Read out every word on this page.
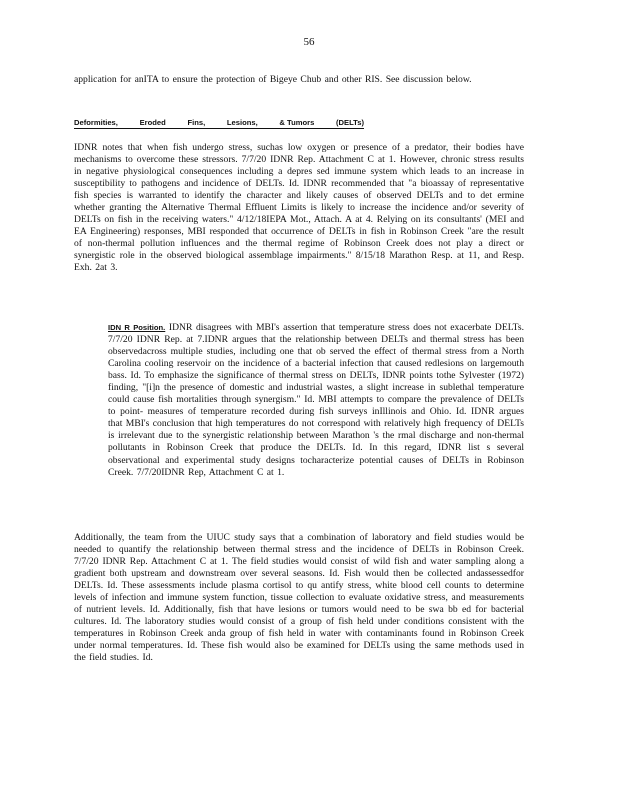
56
application for anITA to ensure the protection of Bigeye Chub and other RIS. See discussion below.
Deformities,	Eroded	Fins,	Lesions,	& Tumors	(DELTs)
IDNR notes that when fish undergo stress, suchas low oxygen or presence of a predator, their bodies have mechanisms to overcome these stressors. 7/7/20 IDNR Rep. Attachment C at 1. However, chronic stress results in negative physiological consequences including a depres sed immune system which leads to an increase in susceptibility to pathogens and incidence of DELTs. Id. IDNR recommended that "a bioassay of representative fish species is warranted to identify the character and likely causes of observed DELTs and to det ermine whether granting the Alternative Thermal Effluent Limits is likely to increase the incidence and/or severity of DELTs on fish in the receiving waters." 4/12/18IEPA Mot., Attach. A at 4. Relying on its consultants' (MEI and EA Engineering) responses, MBI responded that occurrence of DELTs in fish in Robinson Creek "are the result of non-thermal pollution influences and the thermal regime of Robinson Creek does not play a direct or synergistic role in the observed biological assemblage impairments." 8/15/18 Marathon Resp. at 11, and Resp. Exh. 2at 3.
IDN R Position. IDNR disagrees with MBI's assertion that temperature stress does not exacerbate DELTs. 7/7/20 IDNR Rep. at 7.IDNR argues that the relationship between DELTs and thermal stress has been observedacross multiple studies, including one that ob served the effect of thermal stress from a North Carolina cooling reservoir on the incidence of a bacterial infection that caused redlesions on largemouth bass. Id. To emphasize the significance of thermal stress on DELTs, IDNR points tothe Sylvester (1972) finding, "[i]n the presence of domestic and industrial wastes, a slight increase in sublethal temperature could cause fish mortalities through synergism." Id. MBI attempts to compare the prevalence of DELTs to point- measures of temperature recorded during fish surveys inIllinois and Ohio. Id. IDNR argues that MBI's conclusion that high temperatures do not correspond with relatively high frequency of DELTs is irrelevant due to the synergistic relationship between Marathon 's the rmal discharge and non-thermal pollutants in Robinson Creek that produce the DELTs. Id. In this regard, IDNR list s several observational and experimental study designs tocharacterize potential causes of DELTs in Robinson Creek. 7/7/20IDNR Rep, Attachment C at 1.
Additionally, the team from the UIUC study says that a combination of laboratory and field studies would be needed to quantify the relationship between thermal stress and the incidence of DELTs in Robinson Creek. 7/7/20 IDNR Rep. Attachment C at 1. The field studies would consist of wild fish and water sampling along a gradient both upstream and downstream over several seasons. Id. Fish would then be collected andassessedfor DELTs. Id. These assessments include plasma cortisol to qu antify stress, white blood cell counts to determine levels of infection and immune system function, tissue collection to evaluate oxidative stress, and measurements of nutrient levels. Id. Additionally, fish that have lesions or tumors would need to be swa bb ed for bacterial cultures. Id. The laboratory studies would consist of a group of fish held under conditions consistent with the temperatures in Robinson Creek anda group of fish held in water with contaminants found in Robinson Creek under normal temperatures. Id. These fish would also be examined for DELTs using the same methods used in the field studies. Id.
